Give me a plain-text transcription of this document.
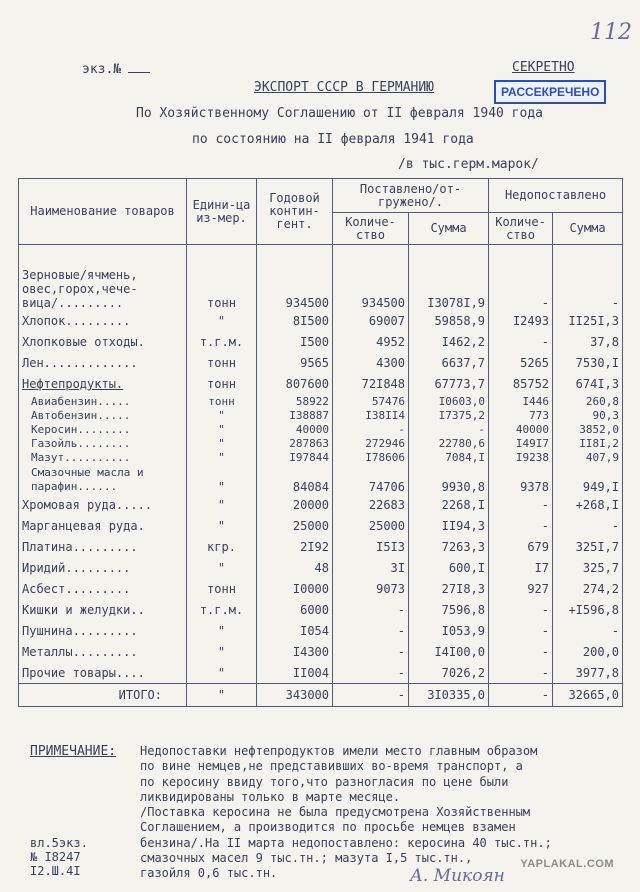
экз.№
112
СЕКРЕТНО
РАССЕКРЕЧЕНО
ЭКСПОРТ СССР В ГЕРМАНИЮ
По Хозяйственному Соглашению от II февраля 1940 года
по состоянию на II февраля 1941 года
/в тыс.герм.марок/
Наименование товаров	Едини-ца из-мер.	Годовой контин-гент.	Поставлено/от-гружено/.		Недопоставлено	
			Количе-ство	Сумма	Количе-ство	Сумма

Зерновые/ячмень, овес,горох,чече-вица/.........	тонн	934500	934500	I3078I,9	-	-
Хлопок.........	"	8I500	69007	59858,9	I2493	II25I,3
Хлопковые отходы.	т.г.м.	I500	4952	I462,2	-	37,8
Лен.............	тонн	9565	4300	6637,7	5265	7530,I
Нефтепродукты.	тонн	807600	72I848	67773,7	85752	674I,3
Авиабензин.....	тонн	58922	57476	I0603,0	I446	260,8
Автобензин.....	"	I38887	I38II4	I7375,2	773	90,3
Керосин........	"	40000	-	-	40000	3852,0
Газойль........	"	287863	272946	22780,6	I49I7	II8I,2
Мазут..........	"	I97844	I78606	7084,I	I9238	407,9
Смазочные масла и парафин......	"	84084	74706	9930,8	9378	949,I
Хромовая руда.....	"	20000	22683	2268,I	-	+268,I
Марганцевая руда.	"	25000	25000	II94,3	-	-
Платина.........	кгр.	2I92	I5I3	7263,3	679	325I,7
Иридий.........	"	48	3I	600,I	I7	325,7
Асбест.........	тонн	I0000	9073	27I8,3	927	274,2
Кишки и желудки..	т.г.м.	6000	-	7596,8	-	+I596,8
Пушнина.........	"	I054	-	I053,9	-	-
Металлы.........	"	I4300	-	I4I00,0	-	200,0
Прочие товары....	"	II004	-	7026,2	-	3977,8
ИТОГО:	"	343000	-	3I0335,0	-	32665,0
ПРИМЕЧАНИЕ: Недопоставки нефтепродуктов имели место главным образом
по вине немцев,не представивших во-время транспорт, а
по керосину ввиду того,что разногласия по цене были
ликвидированы только в марте месяце.
/Поставка керосина не была предусмотрена Хозяйственным
Соглашением, а производится по просьбе немцев взамен
бензина/.На II марта недопоставлено: керосина 40 тыс.тн.;
смазочных масел 9 тыс.тн.; мазута I,5 тыс.тн.,
газойля 0,6 тыс.тн.
вл.5экз.
№ I8247
I2.Ш.4I	А. Микоян
YAPLAKAL.COM
